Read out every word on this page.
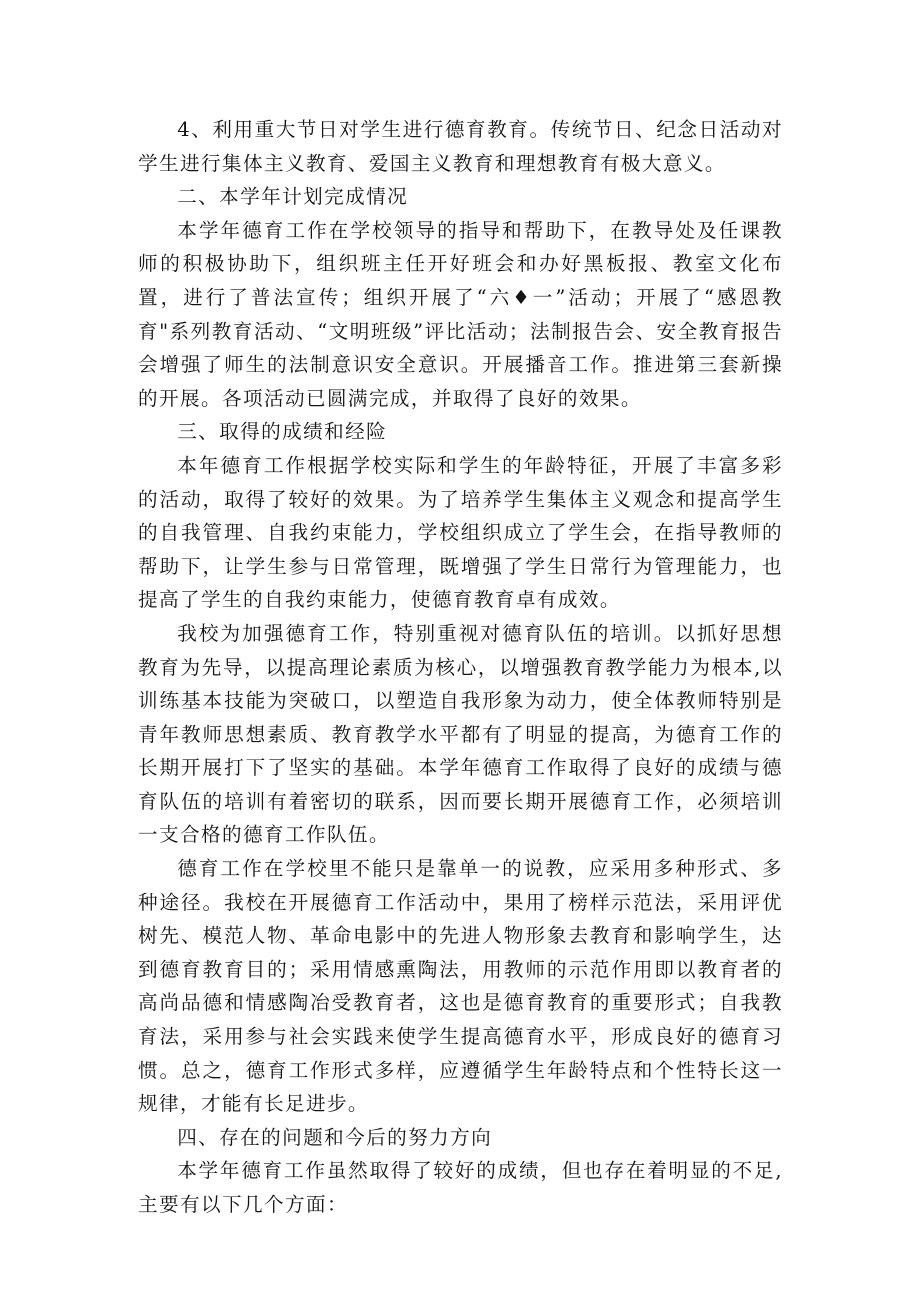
4、利用重大节日对学生进行德育教育。传统节日、纪念日活动对学生进行集体主义教育、爱国主义教育和理想教育有极大意义。

二、本学年计划完成情况

本学年德育工作在学校领导的指导和帮助下，在教导处及任课教师的积极协助下，组织班主任开好班会和办好黑板报、教室文化布置，进行了普法宣传；组织开展了“六♦一”活动；开展了“感恩教育"系列教育活动、“文明班级”评比活动；法制报告会、安全教育报告会增强了师生的法制意识安全意识。开展播音工作。推进第三套新操的开展。各项活动已圆满完成，并取得了良好的效果。

三、取得的成绩和经险

本年德育工作根据学校实际和学生的年龄特征，开展了丰富多彩的活动，取得了较好的效果。为了培养学生集体主义观念和提高学生的自我管理、自我约束能力，学校组织成立了学生会，在指导教师的帮助下，让学生参与日常管理，既增强了学生日常行为管理能力，也提高了学生的自我约束能力，使德育教育卓有成效。

我校为加强德育工作，特别重视对德育队伍的培训。以抓好思想教育为先导，以提高理论素质为核心，以增强教育教学能力为根本,以训练基本技能为突破口，以塑造自我形象为动力，使全体教师特别是青年教师思想素质、教育教学水平都有了明显的提高，为德育工作的长期开展打下了坚实的基础。本学年德育工作取得了良好的成绩与德育队伍的培训有着密切的联系，因而要长期开展德育工作，必须培训一支合格的德育工作队伍。

德育工作在学校里不能只是靠单一的说教，应采用多种形式、多种途径。我校在开展德育工作活动中，果用了榜样示范法，采用评优树先、模范人物、革命电影中的先进人物形象去教育和影响学生，达到德育教育目的；采用情感熏陶法，用教师的示范作用即以教育者的高尚品德和情感陶冶受教育者，这也是德育教育的重要形式；自我教育法，采用参与社会实践来使学生提高德育水平，形成良好的德育习惯。总之，德育工作形式多样，应遵循学生年龄特点和个性特长这一规律，才能有长足进步。

四、存在的问题和今后的努力方向

本学年德育工作虽然取得了较好的成绩，但也存在着明显的不足,主要有以下几个方面：
